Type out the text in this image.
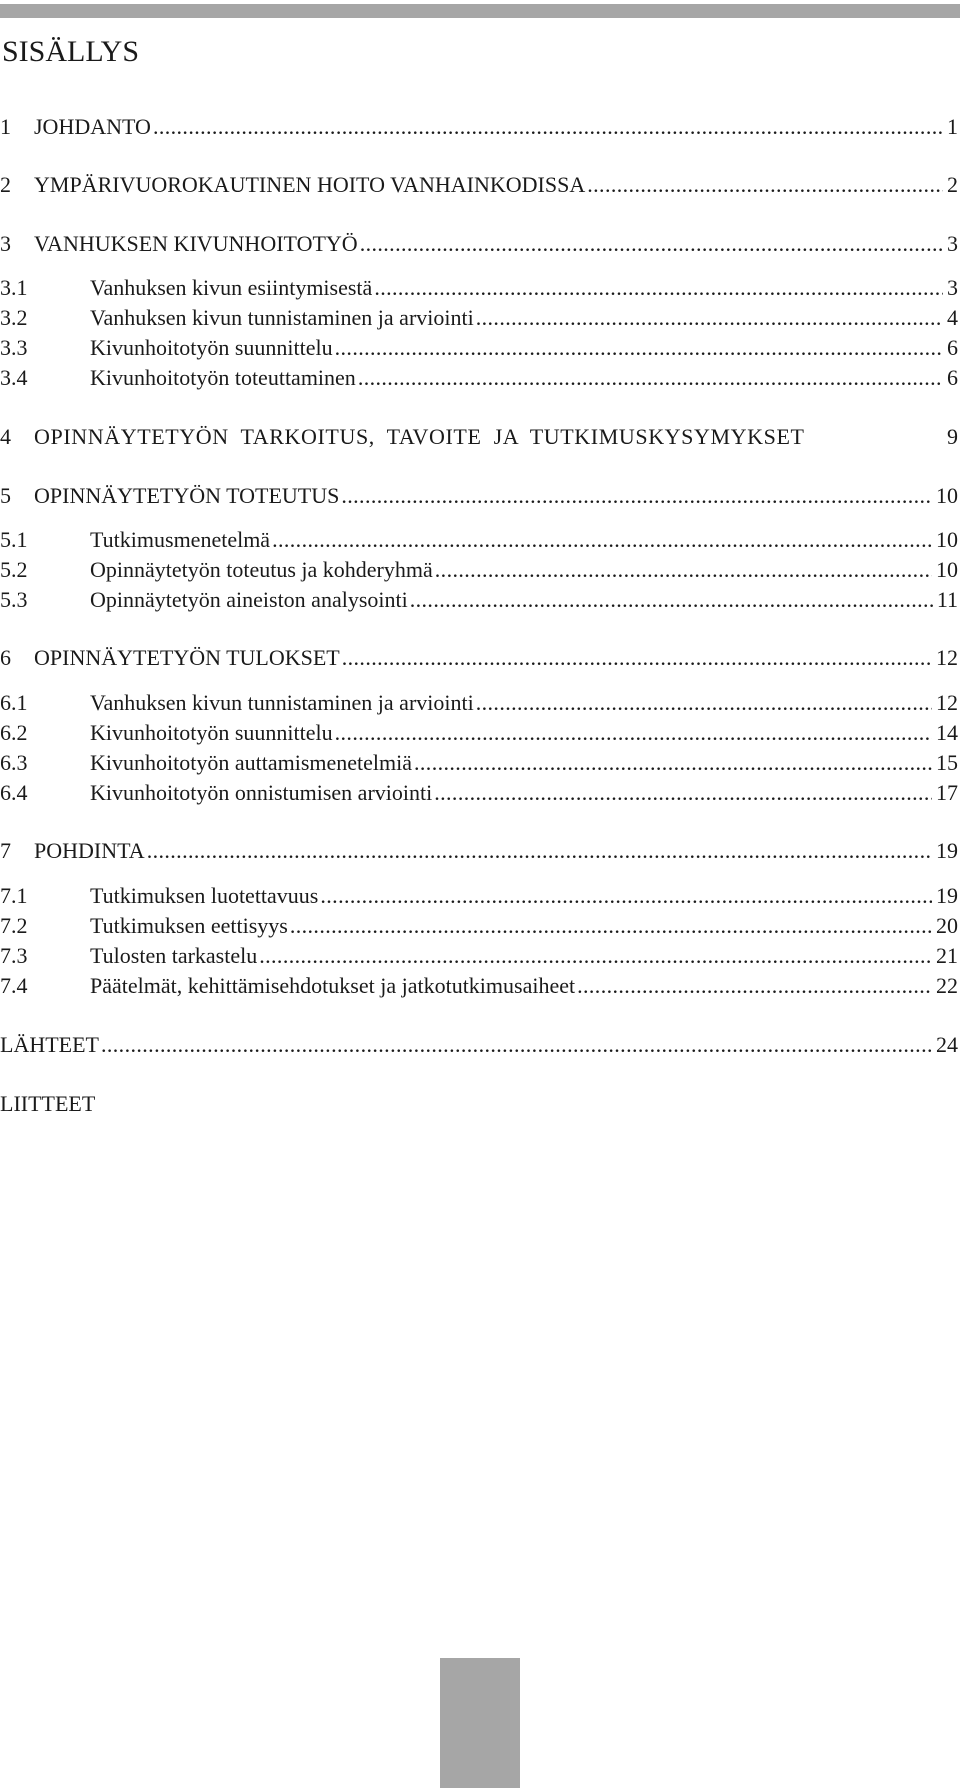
SISÄLLYS
1	JOHDANTO .....	1
2	YMPÄRIVUOROKAUTINEN HOITO VANHAINKODISSA .....	2
3	VANHUKSEN KIVUNHOITOTYÖ .....	3
3.1	Vanhuksen kivun esiintymisestä .....	3
3.2	Vanhuksen kivun tunnistaminen ja arviointi .....	4
3.3	Kivunhoitotyön suunnittelu .....	6
3.4	Kivunhoitotyön toteuttaminen .....	6
4	OPINNÄYTETYÖN TARKOITUS, TAVOITE JA TUTKIMUSKYSYMYKSET	9
5	OPINNÄYTETYÖN TOTEUTUS .....	10
5.1	Tutkimusmenetelmä .....	10
5.2	Opinnäytetyön toteutus ja kohderyhmä .....	10
5.3	Opinnäytetyön aineiston analysointi .....	11
6	OPINNÄYTETYÖN TULOKSET .....	12
6.1	Vanhuksen kivun tunnistaminen ja arviointi .....	12
6.2	Kivunhoitotyön suunnittelu .....	14
6.3	Kivunhoitotyön auttamismenetelmiä .....	15
6.4	Kivunhoitotyön onnistumisen arviointi .....	17
7	POHDINTA .....	19
7.1	Tutkimuksen luotettavuus .....	19
7.2	Tutkimuksen eettisyys .....	20
7.3	Tulosten tarkastelu .....	21
7.4	Päätelmät, kehittämisehdotukset ja jatkotutkimusaiheet .....	22
LÄHTEET .....	24
LIITTEET
